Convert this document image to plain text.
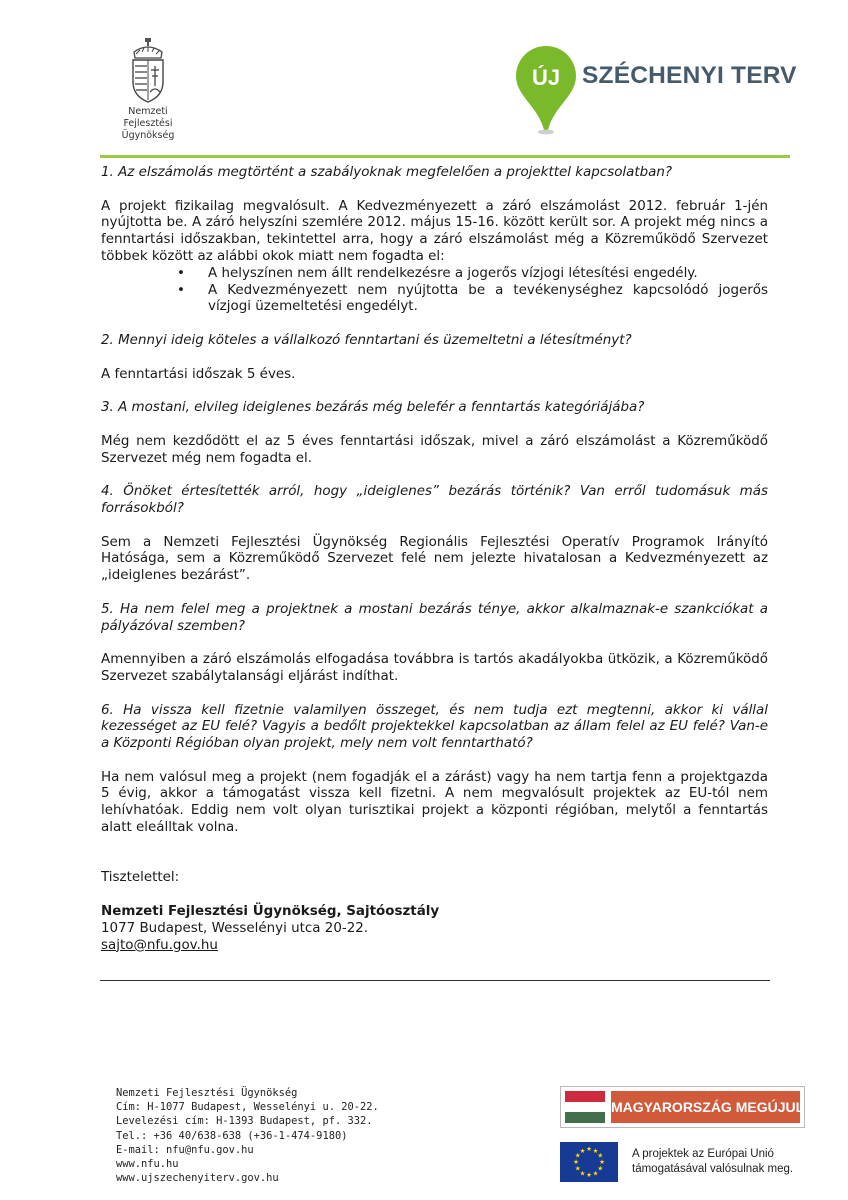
Nemzeti
Fejlesztési Ügynökség
ÚJ SZÉCHENYI TERV
1. Az elszámolás megtörtént a szabályoknak megfelelően a projekttel kapcsolatban?
A projekt fizikailag megvalósult. A Kedvezményezett a záró elszámolást 2012. február 1-jén nyújtotta be. A záró helyszíni szemlére 2012. május 15-16. között került sor. A projekt még nincs a fenntartási időszakban, tekintettel arra, hogy a záró elszámolást még a Közreműködő Szervezet többek között az alábbi okok miatt nem fogadta el:
• A helyszínen nem állt rendelkezésre a jogerős vízjogi létesítési engedély.
• A Kedvezményezett nem nyújtotta be a tevékenységhez kapcsolódó jogerős vízjogi üzemeltetési engedélyt.
2. Mennyi ideig köteles a vállalkozó fenntartani és üzemeltetni a létesítményt?
A fenntartási időszak 5 éves.
3. A mostani, elvileg ideiglenes bezárás még belefér a fenntartás kategóriájába?
Még nem kezdődött el az 5 éves fenntartási időszak, mivel a záró elszámolást a Közreműködő Szervezet még nem fogadta el.
4. Önöket értesítették arról, hogy „ideiglenes” bezárás történik? Van erről tudomásuk más forrásokból?
Sem a Nemzeti Fejlesztési Ügynökség Regionális Fejlesztési Operatív Programok Irányító Hatósága, sem a Közreműködő Szervezet felé nem jelezte hivatalosan a Kedvezményezett az „ideiglenes bezárást”.
5. Ha nem felel meg a projektnek a mostani bezárás ténye, akkor alkalmaznak-e szankciókat a pályázóval szemben?
Amennyiben a záró elszámolás elfogadása továbbra is tartós akadályokba ütközik, a Közreműködő Szervezet szabálytalansági eljárást indíthat.
6. Ha vissza kell fizetnie valamilyen összeget, és nem tudja ezt megtenni, akkor ki vállal kezességet az EU felé? Vagyis a bedőlt projektekkel kapcsolatban az állam felel az EU felé? Van-e a Központi Régióban olyan projekt, mely nem volt fenntartható?
Ha nem valósul meg a projekt (nem fogadják el a zárást) vagy ha nem tartja fenn a projektgazda 5 évig, akkor a támogatást vissza kell fizetni. A nem megvalósult projektek az EU-tól nem lehívhatóak. Eddig nem volt olyan turisztikai projekt a központi régióban, melytől a fenntartás alatt eleálltak volna.
Tisztelettel:
Nemzeti Fejlesztési Ügynökség, Sajtóosztály
1077 Budapest, Wesselényi utca 20-22.
sajto@nfu.gov.hu
Nemzeti Fejlesztési Ügynökség
Cím: H-1077 Budapest, Wesselényi u. 20-22.
Levelezési cím: H-1393 Budapest, pf. 332.
Tel.: +36 40/638-638 (+36-1-474-9180)
E-mail: nfu@nfu.gov.hu
www.nfu.hu
www.ujszechenyiterv.gov.hu
MAGYARORSZÁG MEGÚJUL
★ ★
★
★
★
★
★
★
★
★
★
★	A projektek az Európai Unió
támogatásával valósulnak meg.
